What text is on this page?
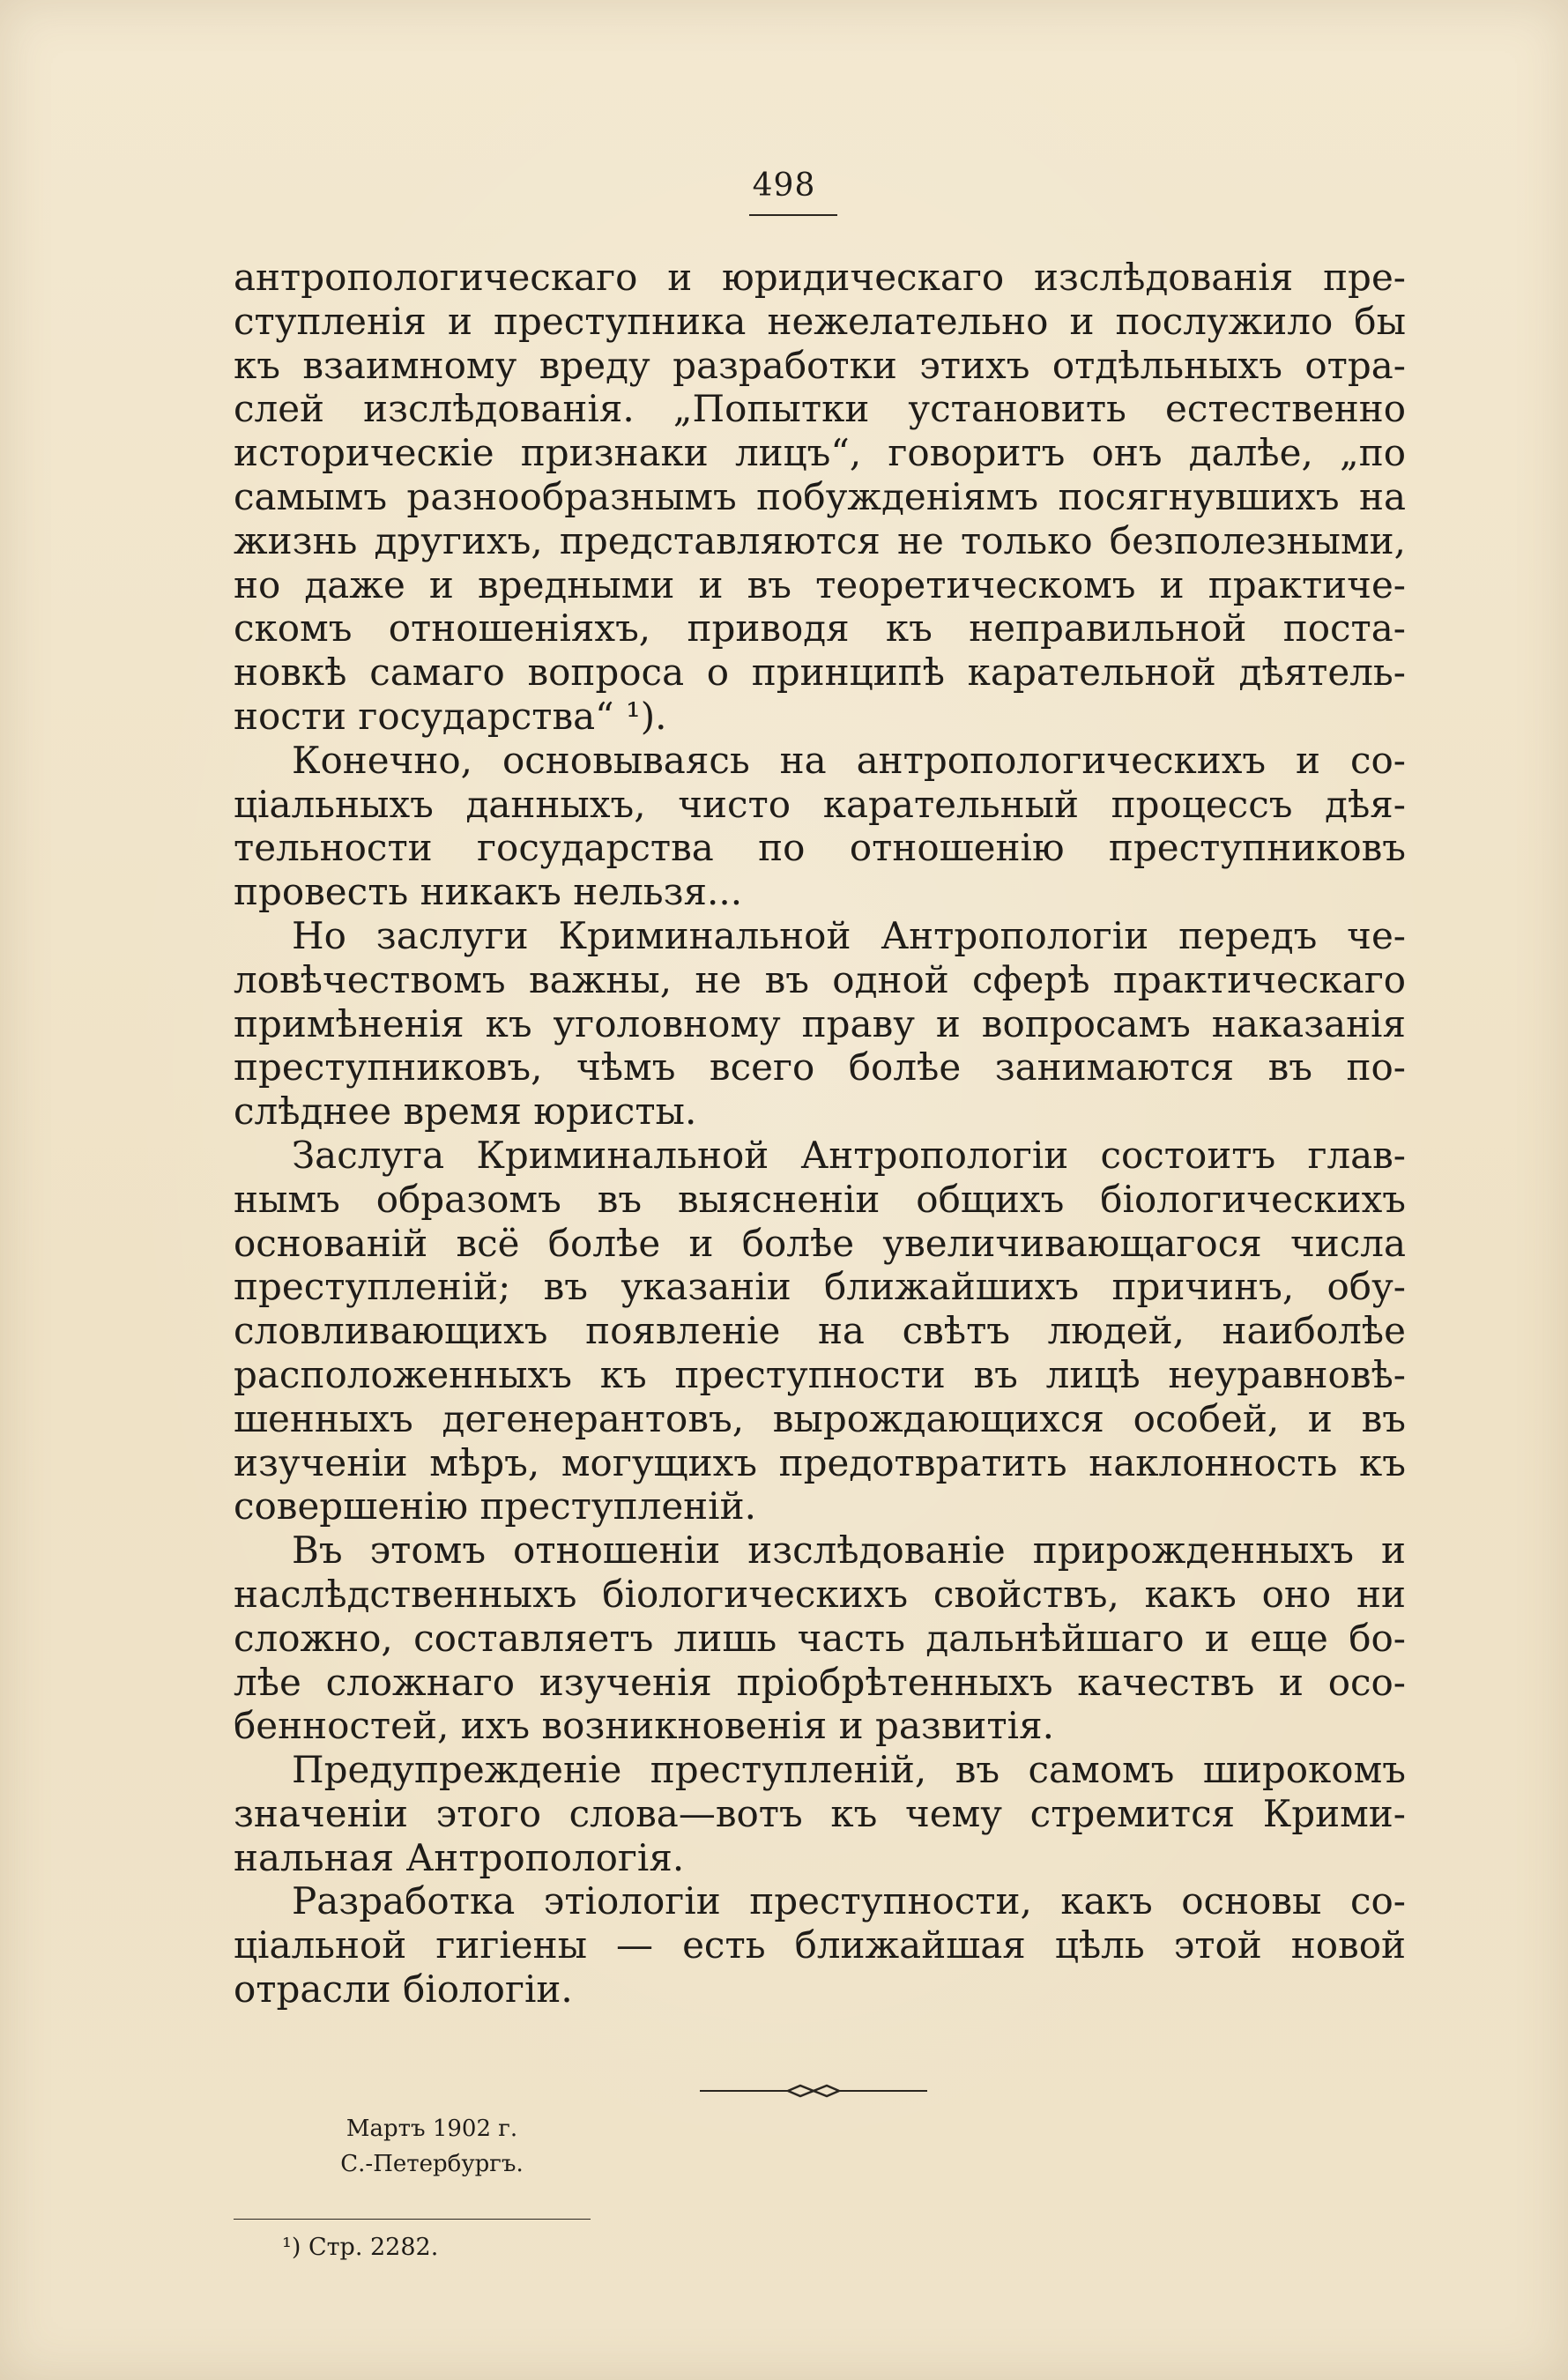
498
антропологическаго и юридическаго изслѣдованія пре-
ступленія и преступника нежелательно и послужило бы
къ взаимному вреду разработки этихъ отдѣльныхъ отра-
слей изслѣдованія. „Попытки установить естественно
историческіе признаки лицъ“, говоритъ онъ далѣе, „по
самымъ разнообразнымъ побужденіямъ посягнувшихъ на
жизнь другихъ, представляются не только безполезными,
но даже и вредными и въ теоретическомъ и практиче-
скомъ отношеніяхъ, приводя къ неправильной поста-
новкѣ самаго вопроса о принципѣ карательной дѣятель-
ности государства“ ¹).
Конечно, основываясь на антропологическихъ и со-
ціальныхъ данныхъ, чисто карательный процессъ дѣя-
тельности государства по отношенію преступниковъ
провесть никакъ нельзя...
Но заслуги Криминальной Антропологіи передъ че-
ловѣчествомъ важны, не въ одной сферѣ практическаго
примѣненія къ уголовному праву и вопросамъ наказанія
преступниковъ, чѣмъ всего болѣе занимаются въ по-
слѣднее время юристы.
Заслуга Криминальной Антропологіи состоитъ глав-
нымъ образомъ въ выясненіи общихъ біологическихъ
основаній всё болѣе и болѣе увеличивающагося числа
преступленій; въ указаніи ближайшихъ причинъ, обу-
словливающихъ появленіе на свѣтъ людей, наиболѣе
расположенныхъ къ преступности въ лицѣ неуравновѣ-
шенныхъ дегенерантовъ, вырождающихся особей, и въ
изученіи мѣръ, могущихъ предотвратить наклонность къ
совершенію преступленій.
Въ этомъ отношеніи изслѣдованіе прирожденныхъ и
наслѣдственныхъ біологическихъ свойствъ, какъ оно ни
сложно, составляетъ лишь часть дальнѣйшаго и еще бо-
лѣе сложнаго изученія пріобрѣтенныхъ качествъ и осо-
бенностей, ихъ возникновенія и развитія.
Предупрежденіе преступленій, въ самомъ широкомъ
значеніи этого слова—вотъ къ чему стремится Крими-
нальная Антропологія.
Разработка этіологіи преступности, какъ основы со-
ціальной гигіены — есть ближайшая цѣль этой новой
отрасли біологіи.
Мартъ 1902 г.
С.-Петербургъ.
¹) Стр. 2282.
